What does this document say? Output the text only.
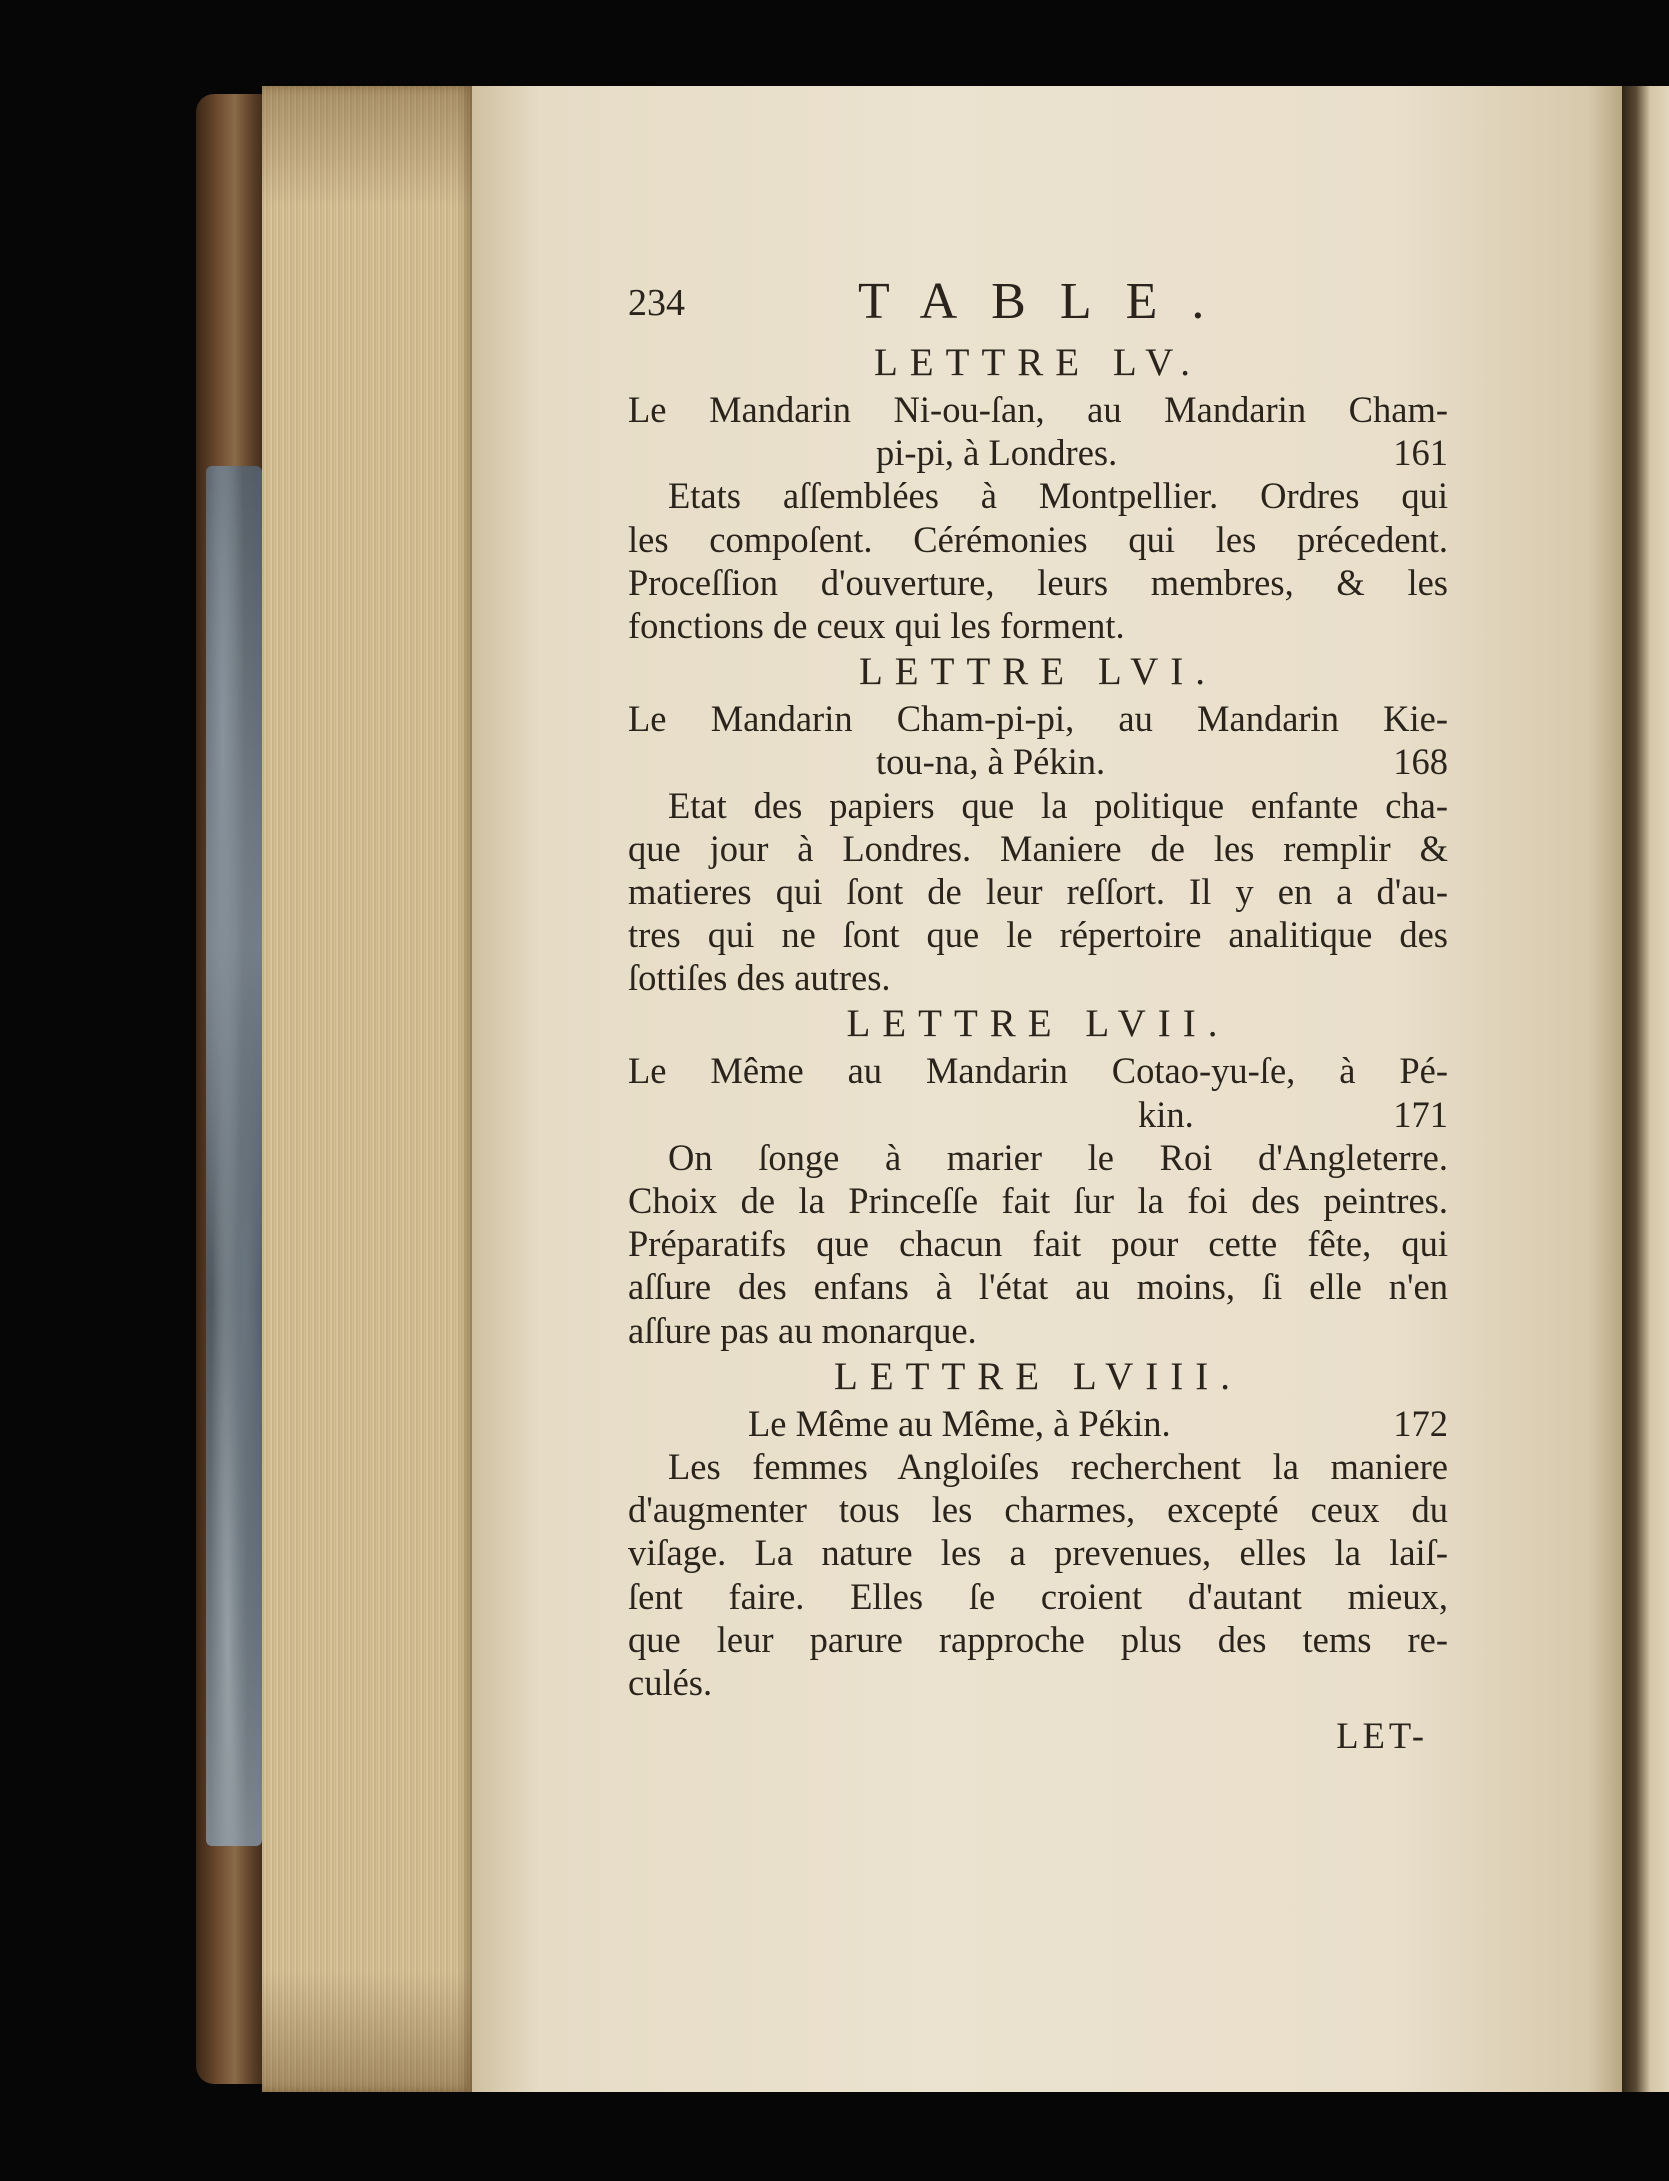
234	TABLE.
LETTRE LV.
Le Mandarin Ni-ou-ſan, au Mandarin Cham-
pi-pi, à Londres.	161
Etats aſſemblées à Montpellier. Ordres qui
les compoſent. Cérémonies qui les précedent.
Proceſſion d'ouverture, leurs membres, & les
fonctions de ceux qui les forment.
LETTRE LVI.
Le Mandarin Cham-pi-pi, au Mandarin Kie-
tou-na, à Pékin.	168
Etat des papiers que la politique enfante cha-
que jour à Londres. Maniere de les remplir &
matieres qui ſont de leur reſſort. Il y en a d'au-
tres qui ne ſont que le répertoire analitique des
ſottiſes des autres.
LETTRE LVII.
Le Même au Mandarin Cotao-yu-ſe, à Pé-
kin.	171
On ſonge à marier le Roi d'Angleterre.
Choix de la Princeſſe fait ſur la foi des peintres.
Préparatifs que chacun fait pour cette fête, qui
aſſure des enfans à l'état au moins, ſi elle n'en
aſſure pas au monarque.
LETTRE LVIII.
Le Même au Même, à Pékin.	172
Les femmes Angloiſes recherchent la maniere
d'augmenter tous les charmes, excepté ceux du
viſage. La nature les a prevenues, elles la laiſ-
ſent faire. Elles ſe croient d'autant mieux,
que leur parure rapproche plus des tems re-
culés.
LET-
